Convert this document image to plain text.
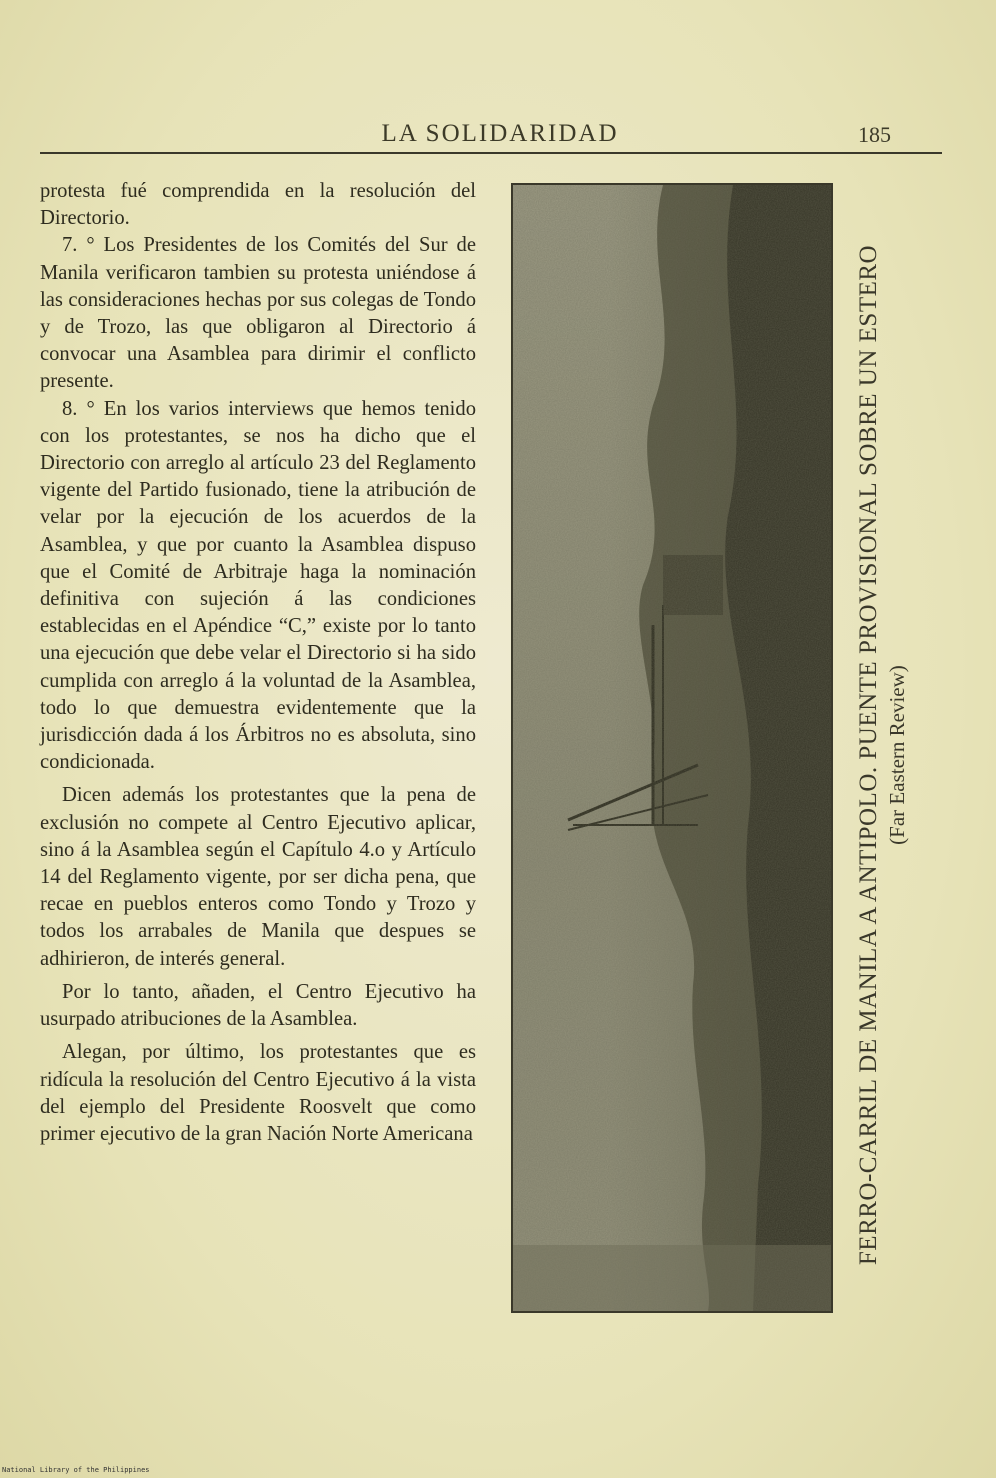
LA SOLIDARIDAD	185

protesta fué comprendida en la resolución del Directorio.

7. ° Los Presidentes de los Comités del Sur de Manila verificaron tambien su protesta uniéndose á las consideraciones hechas por sus colegas de Tondo y de Trozo, las que obligaron al Directorio á convocar una Asamblea para dirimir el conflicto presente.

8. ° En los varios interviews que hemos tenido con los protestantes, se nos ha dicho que el Directorio con arreglo al artículo 23 del Reglamento vigente del Partido fusionado, tiene la atribución de velar por la ejecución de los acuerdos de la Asamblea, y que por cuanto la Asamblea dispuso que el Comité de Arbitraje haga la nominación definitiva con sujeción á las condiciones establecidas en el Apéndice “C,” existe por lo tanto una ejecución que debe velar el Directorio si ha sido cumplida con arreglo á la voluntad de la Asamblea, todo lo que demuestra evidentemente que la jurisdicción dada á los Árbitros no es absoluta, sino condicionada.

Dicen además los protestantes que la pena de exclusión no compete al Centro Ejecutivo aplicar, sino á la Asamblea según el Capítulo 4.o y Artículo 14 del Reglamento vigente, por ser dicha pena, que recae en pueblos enteros como Tondo y Trozo y todos los arrabales de Manila que despues se adhirieron, de interés general.

Por lo tanto, añaden, el Centro Ejecutivo ha usurpado atribuciones de la Asamblea.

Alegan, por último, los protestantes que es ridícula la resolución del Centro Ejecutivo á la vista del ejemplo del Presidente Roosvelt que como primer ejecutivo de la gran Nación Norte Americana	FERRO-CARRIL DE MANILA A ANTIPOLO. PUENTE PROVISIONAL SOBRE UN ESTERO (Far Eastern Review)
National Library of the Philippines
